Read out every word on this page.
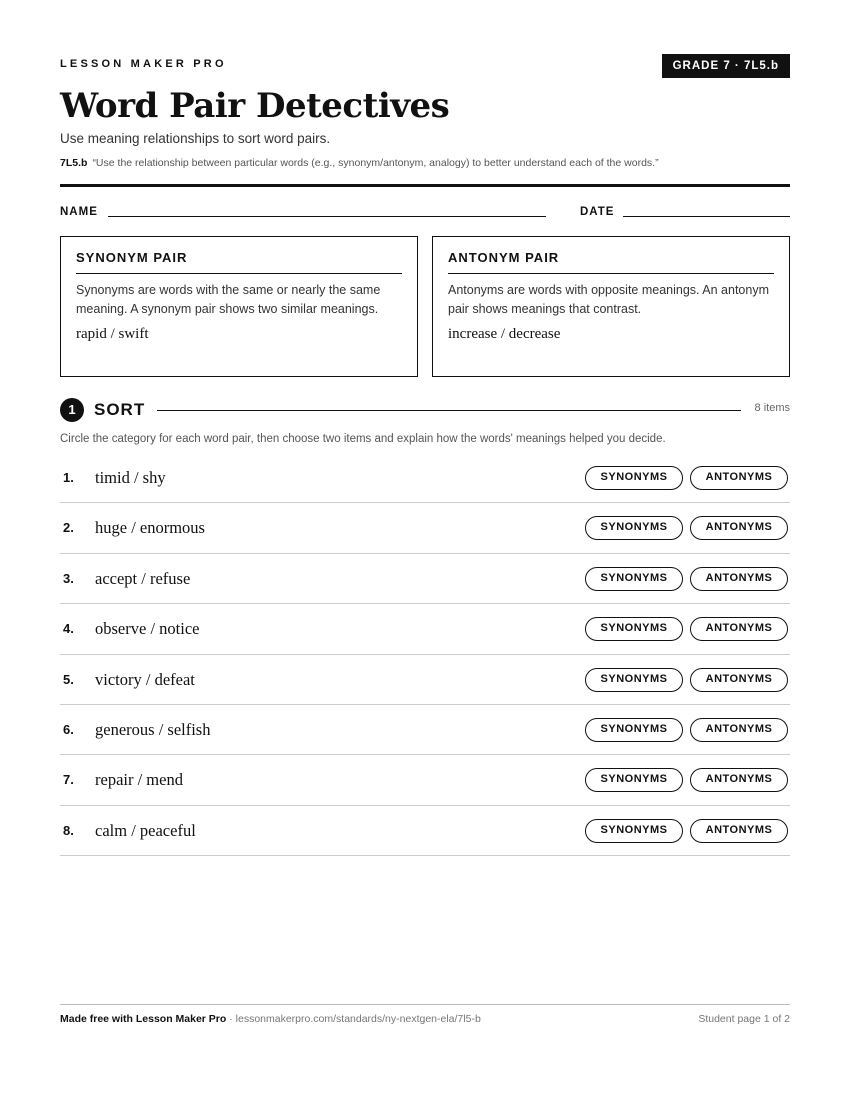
LESSON MAKER PRO	GRADE 7 · 7L5.b
Word Pair Detectives
Use meaning relationships to sort word pairs.
7L5.b “Use the relationship between particular words (e.g., synonym/antonym, analogy) to better understand each of the words.”
NAME	DATE
SYNONYM PAIR
Synonyms are words with the same or nearly the same meaning. A synonym pair shows two similar meanings.
rapid / swift
ANTONYM PAIR
Antonyms are words with opposite meanings. An antonym pair shows meanings that contrast.
increase / decrease
1	SORT	8 items
Circle the category for each word pair, then choose two items and explain how the words' meanings helped you decide.
1. timid / shy	SYNONYMS	ANTONYMS
2. huge / enormous	SYNONYMS	ANTONYMS
3. accept / refuse	SYNONYMS	ANTONYMS
4. observe / notice	SYNONYMS	ANTONYMS
5. victory / defeat	SYNONYMS	ANTONYMS
6. generous / selfish	SYNONYMS	ANTONYMS
7. repair / mend	SYNONYMS	ANTONYMS
8. calm / peaceful	SYNONYMS	ANTONYMS
Made free with Lesson Maker Pro · lessonmakerpro.com/standards/ny-nextgen-ela/7l5-b	Student page 1 of 2
